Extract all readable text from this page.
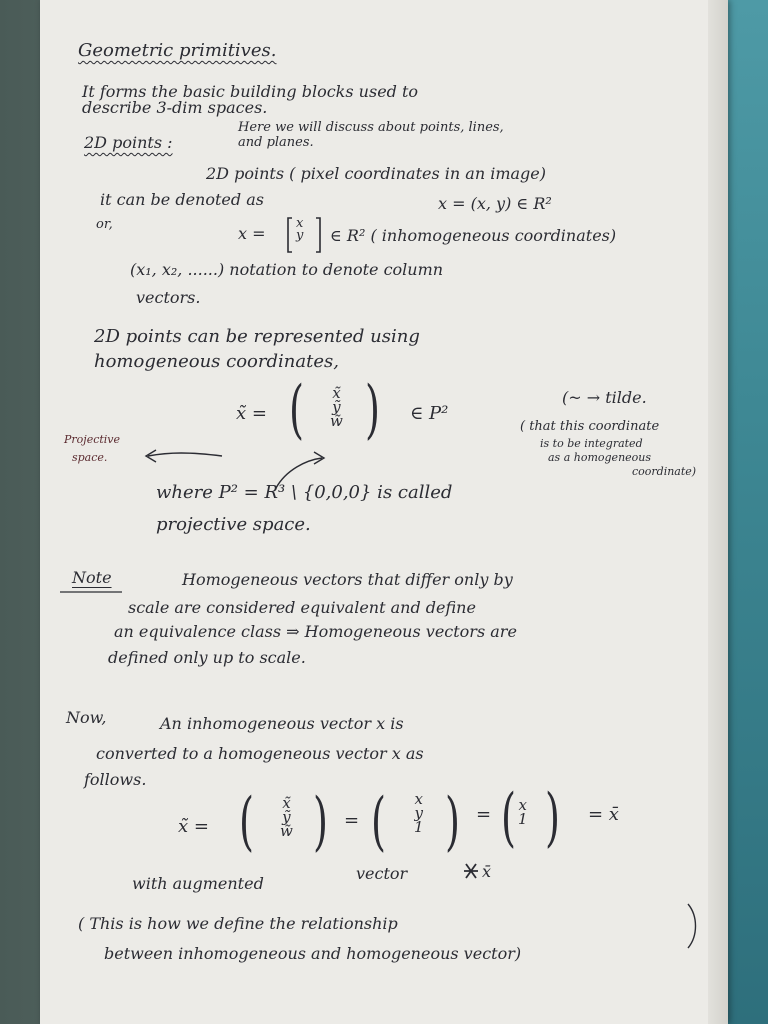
Geometric primitives.

It forms the basic building blocks used to

describe 3-dim spaces.

2D points :

Here we will discuss about points, lines,

and planes.

2D points ( pixel coordinates in an image)

it can be denoted as	x = (x, y) ∈ R²

or,	x =

x
y ∈ R² ( inhomogeneous coordinates)

(x₁, x₂, ......) notation to denote column

vectors.

2D points can be represented using

homogeneous coordinates,

x̃ = ( x̃
ỹ
w̃ ) ∈ P²

(~ → tilde.

( that this coordinate

is to be integrated

as a homogeneous

coordinate)

Projective

space.

where P² = R³ \ {0,0,0} is called

projective space.

Note	Homogeneous vectors that differ only by

scale are considered equivalent and define

an equivalence class ⇒ Homogeneous vectors are

defined only up to scale.

Now,	An inhomogeneous vector x is

converted to a homogeneous vector x as

follows.

x̃ = ( x̃
ỹ
w̃ ) = ( x
y
1 ) = ( x
1 ) = x̄

with augmented

vector	x̄

( This is how we define the relationship

between inhomogeneous and homogeneous vector)
